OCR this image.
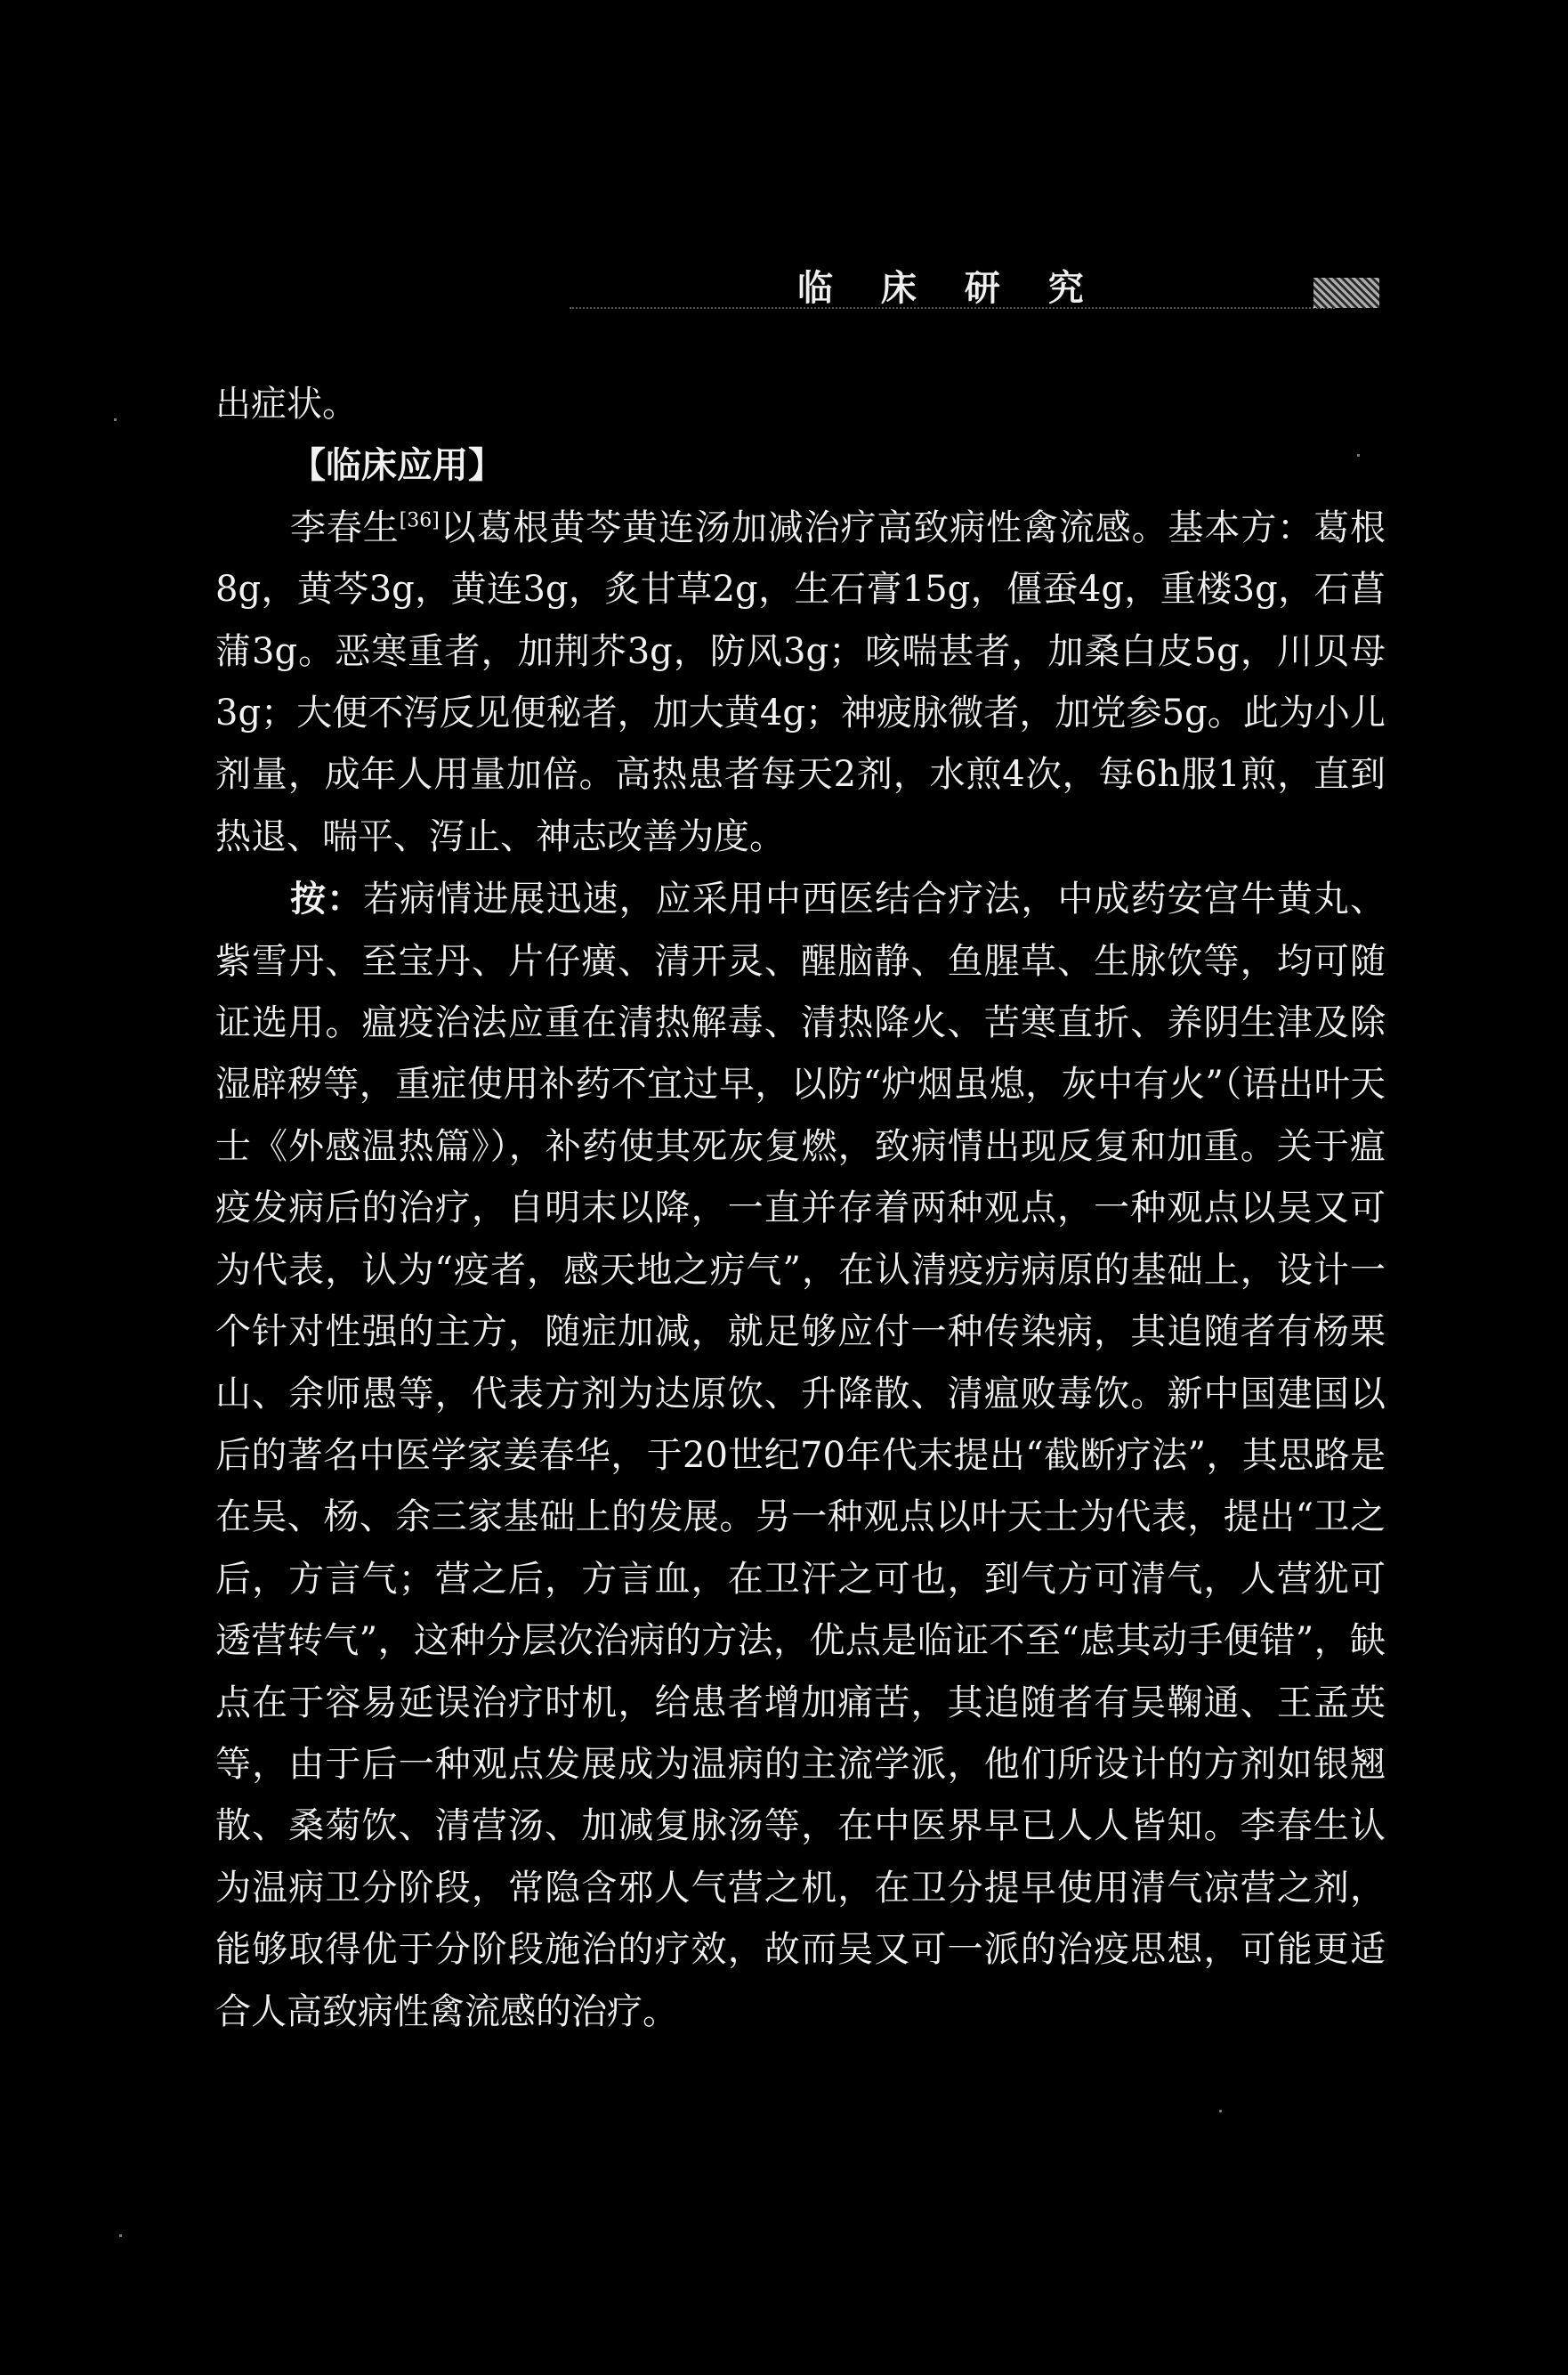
临 床 研 究

出症状。

【临床应用】

李春生[36]以葛根黄芩黄连汤加减治疗高致病性禽流感。基本方：葛根8g，黄芩3g，黄连3g，炙甘草2g，生石膏15g，僵蚕4g，重楼3g，石菖蒲3g。恶寒重者，加荆芥3g，防风3g；咳喘甚者，加桑白皮5g，川贝母3g；大便不泻反见便秘者，加大黄4g；神疲脉微者，加党参5g。此为小儿剂量，成年人用量加倍。高热患者每天2剂，水煎4次，每6h服1煎，直到热退、喘平、泻止、神志改善为度。

按：若病情进展迅速，应采用中西医结合疗法，中成药安宫牛黄丸、紫雪丹、至宝丹、片仔癀、清开灵、醒脑静、鱼腥草、生脉饮等，均可随证选用。瘟疫治法应重在清热解毒、清热降火、苦寒直折、养阴生津及除湿辟秽等，重症使用补药不宜过早，以防“炉烟虽熄，灰中有火”（语出叶天士《外感温热篇》），补药使其死灰复燃，致病情出现反复和加重。关于瘟疫发病后的治疗，自明末以降，一直并存着两种观点，一种观点以吴又可为代表，认为“疫者，感天地之疠气”，在认清疫疠病原的基础上，设计一个针对性强的主方，随症加减，就足够应付一种传染病，其追随者有杨栗山、余师愚等，代表方剂为达原饮、升降散、清瘟败毒饮。新中国建国以后的著名中医学家姜春华，于20世纪70年代末提出“截断疗法”，其思路是在吴、杨、余三家基础上的发展。另一种观点以叶天士为代表，提出“卫之后，方言气；营之后，方言血，在卫汗之可也，到气方可清气，人营犹可透营转气”，这种分层次治病的方法，优点是临证不至“虑其动手便错”，缺点在于容易延误治疗时机，给患者增加痛苦，其追随者有吴鞠通、王孟英等，由于后一种观点发展成为温病的主流学派，他们所设计的方剂如银翘散、桑菊饮、清营汤、加减复脉汤等，在中医界早已人人皆知。李春生认为温病卫分阶段，常隐含邪人气营之机，在卫分提早使用清气凉营之剂，能够取得优于分阶段施治的疗效，故而吴又可一派的治疫思想，可能更适合人高致病性禽流感的治疗。
